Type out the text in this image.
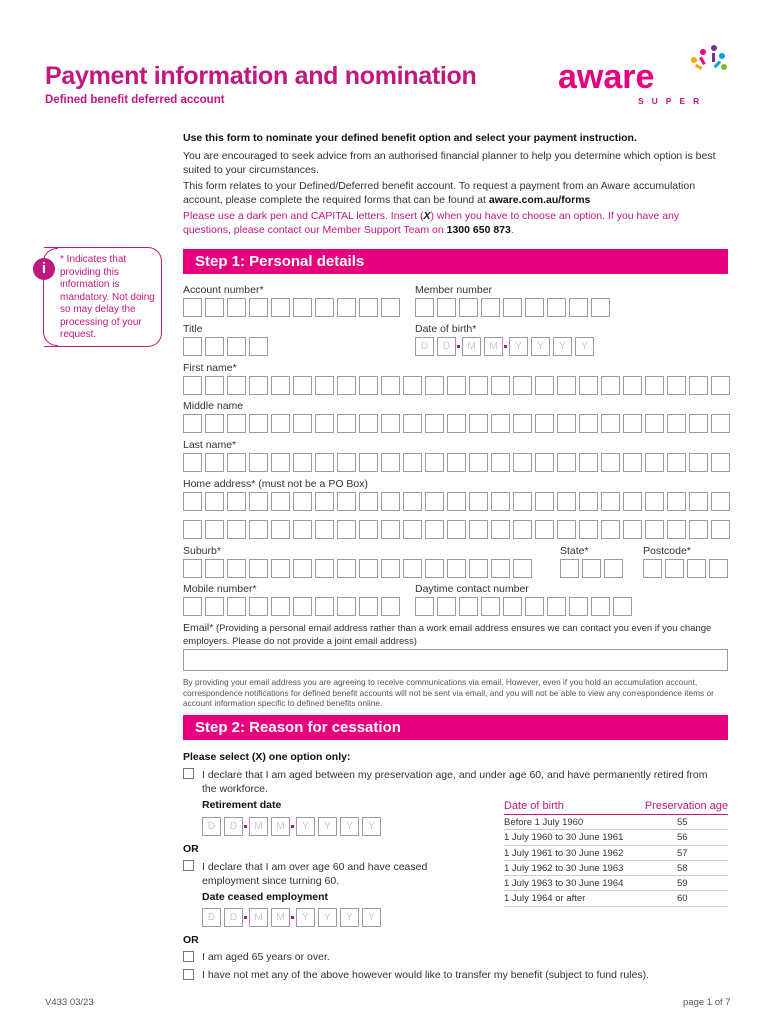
Payment information and nomination
Defined benefit deferred account
aware
SUPER
Use this form to nominate your defined benefit option and select your payment instruction.
You are encouraged to seek advice from an authorised financial planner to help you determine which option is best suited to your circumstances.
This form relates to your Defined/Deferred benefit account. To request a payment from an Aware accumulation account, please complete the required forms that can be found at aware.com.au/forms
Please use a dark pen and CAPITAL letters. Insert (X) when you have to choose an option. If you have any questions, please contact our Member Support Team on 1300 650 873.
i
* Indicates that providing this information is mandatory. Not doing so may delay the processing of your request.
Step 1: Personal details
Account number*	Member number
Title	Date of birth*
D	D	M	M	Y	Y	Y	Y
First name*
Middle name
Last name*
Home address* (must not be a PO Box)
Suburb*	State*	Postcode*
Mobile number*	Daytime contact number
Email* (Providing a personal email address rather than a work email address ensures we can contact you even if you change employers. Please do not provide a joint email address)
By providing your email address you are agreeing to receive communications via email. However, even if you hold an accumulation account, correspondence notifications for defined benefit accounts will not be sent via email, and you will not be able to view any correspondence items or account information specific to defined benefits online.
Step 2: Reason for cessation
Please select (X) one option only:
I declare that I am aged between my preservation age, and under age 60, and have permanently retired from the workforce.
Retirement date
D	D	M	M	Y	Y	Y	Y
OR
I declare that I am over age 60 and have ceased employment since turning 60.
Date ceased employment
D	D	M	M	Y	Y	Y	Y
OR
I am aged 65 years or over.
I have not met any of the above however would like to transfer my benefit (subject to fund rules).
Date of birth	Preservation age
Before 1 July 1960	55
1 July 1960 to 30 June 1961	56
1 July 1961 to 30 June 1962	57
1 July 1962 to 30 June 1963	58
1 July 1963 to 30 June 1964	59
1 July 1964 or after	60
V433 03/23	page 1 of 7
